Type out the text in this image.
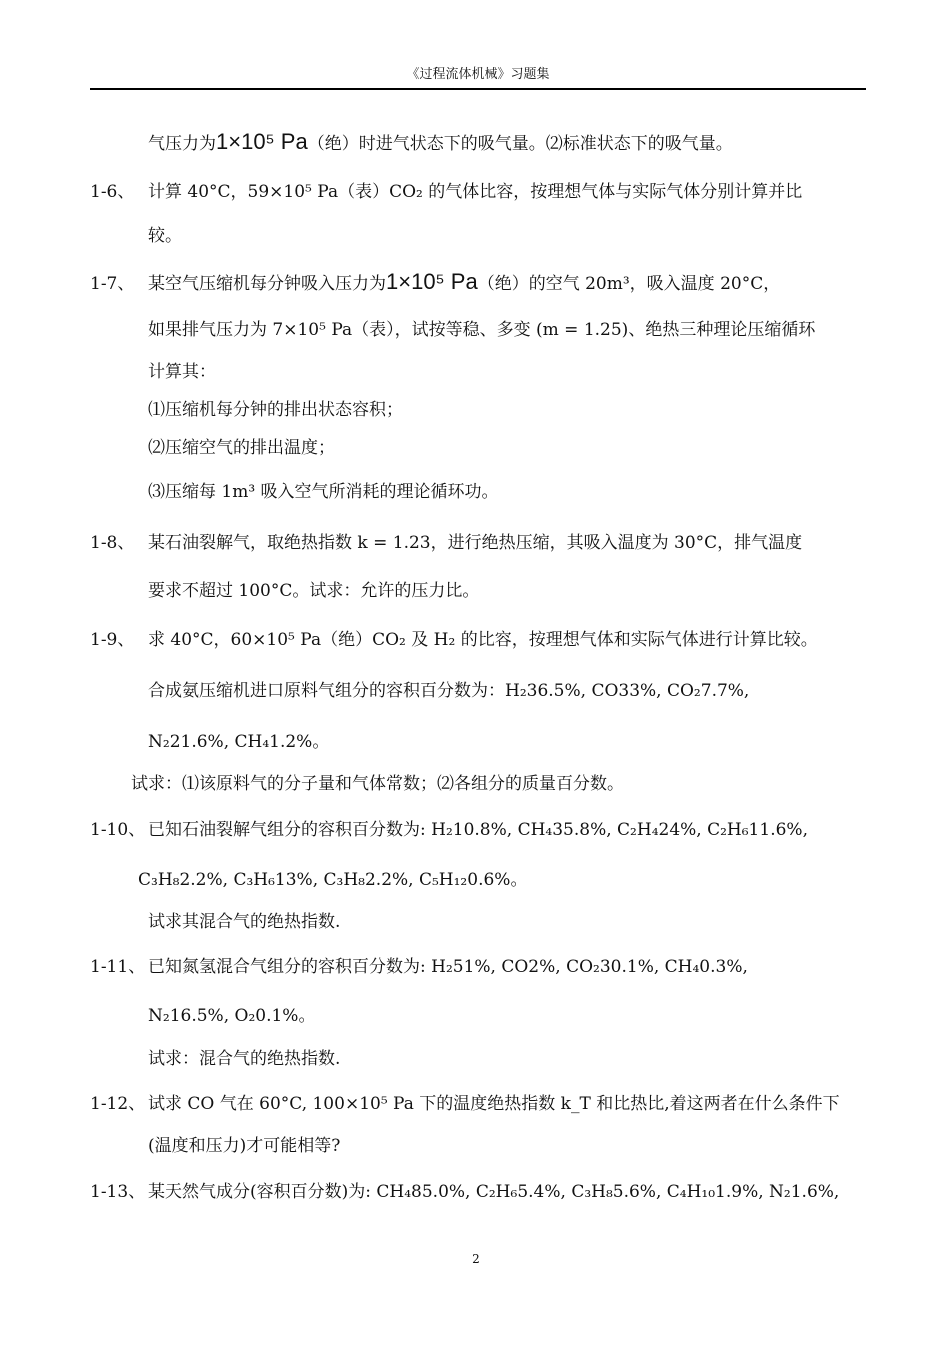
《过程流体机械》习题集
气压力为1×10⁵ Pa（绝）时进气状态下的吸气量。⑵标准状态下的吸气量。
1-6、 计算 40°C，59×10⁵ Pa（表）CO₂ 的气体比容，按理想气体与实际气体分别计算并比
较。
1-7、 某空气压缩机每分钟吸入压力为1×10⁵ Pa（绝）的空气 20m³，吸入温度 20°C，
如果排气压力为 7×10⁵ Pa（表），试按等稳、多变 (m = 1.25)、绝热三种理论压缩循环
计算其：
⑴压缩机每分钟的排出状态容积；
⑵压缩空气的排出温度；
⑶压缩每 1m³ 吸入空气所消耗的理论循环功。
1-8、 某石油裂解气，取绝热指数 k = 1.23，进行绝热压缩，其吸入温度为 30°C，排气温度
要求不超过 100°C。试求：允许的压力比。
1-9、 求 40°C，60×10⁵ Pa（绝）CO₂ 及 H₂ 的比容，按理想气体和实际气体进行计算比较。
合成氨压缩机进口原料气组分的容积百分数为：H₂36.5%, CO33%, CO₂7.7%,
N₂21.6%, CH₄1.2%。
试求：⑴该原料气的分子量和气体常数；⑵各组分的质量百分数。
1-10、 已知石油裂解气组分的容积百分数为: H₂10.8%, CH₄35.8%, C₂H₄24%, C₂H₆11.6%,
C₃H₈2.2%, C₃H₆13%, C₃H₈2.2%, C₅H₁₂0.6%。
试求其混合气的绝热指数.
1-11、 已知氮氢混合气组分的容积百分数为: H₂51%, CO2%, CO₂30.1%, CH₄0.3%,
N₂16.5%, O₂0.1%。
试求：混合气的绝热指数.
1-12、 试求 CO 气在 60°C, 100×10⁵ Pa 下的温度绝热指数 k_T 和比热比,着这两者在什么条件下
(温度和压力)才可能相等?
1-13、 某天然气成分(容积百分数)为: CH₄85.0%, C₂H₆5.4%, C₃H₈5.6%, C₄H₁₀1.9%, N₂1.6%,
2
